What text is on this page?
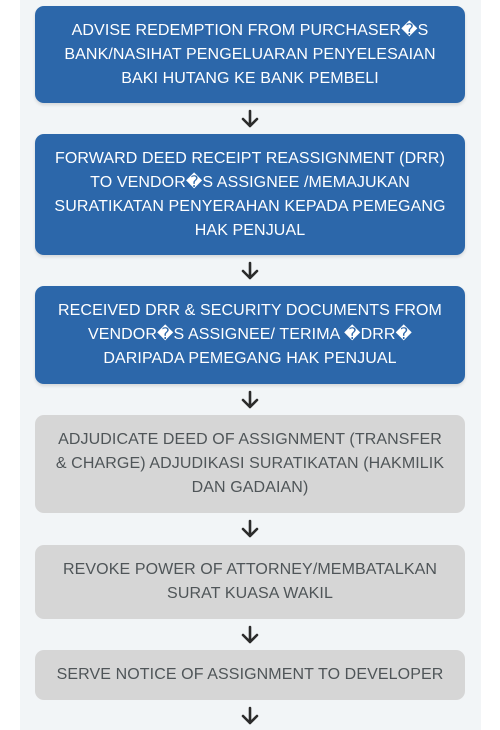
ADVISE REDEMPTION FROM PURCHASER�S BANK/NASIHAT PENGELUARAN PENYELESAIAN BAKI HUTANG KE BANK PEMBELI
FORWARD DEED RECEIPT REASSIGNMENT (DRR) TO VENDOR�S ASSIGNEE /MEMAJUKAN SURATIKATAN PENYERAHAN KEPADA PEMEGANG HAK PENJUAL
RECEIVED DRR & SECURITY DOCUMENTS FROM VENDOR�S ASSIGNEE/ TERIMA �DRR� DARIPADA PEMEGANG HAK PENJUAL
ADJUDICATE DEED OF ASSIGNMENT (TRANSFER & CHARGE) ADJUDIKASI SURATIKATAN (HAKMILIK DAN GADAIAN)
REVOKE POWER OF ATTORNEY/MEMBATALKAN SURAT KUASA WAKIL
SERVE NOTICE OF ASSIGNMENT TO DEVELOPER
